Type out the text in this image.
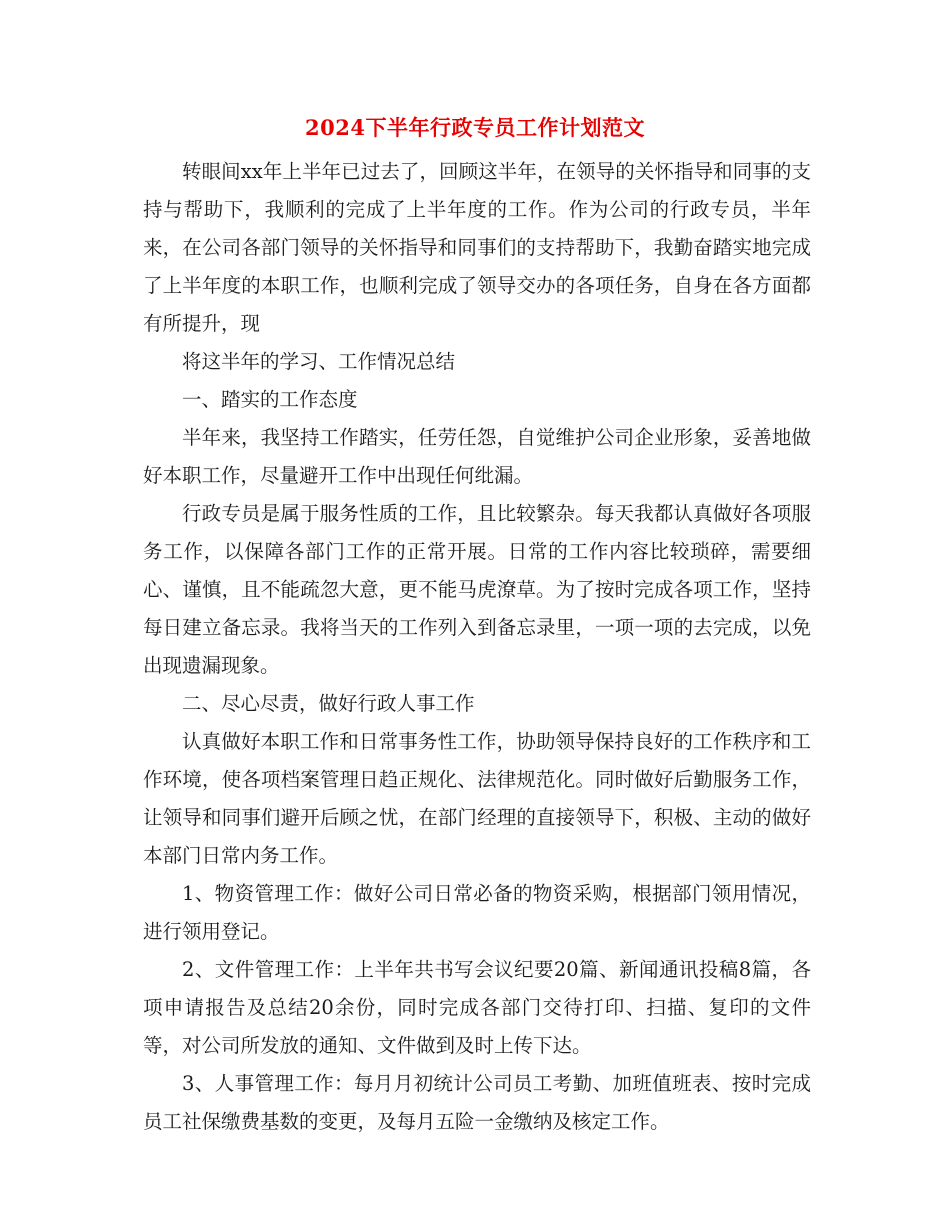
2024下半年行政专员工作计划范文

转眼间xx年上半年已过去了，回顾这半年，在领导的关怀指导和同事的支持与帮助下，我顺利的完成了上半年度的工作。作为公司的行政专员，半年来，在公司各部门领导的关怀指导和同事们的支持帮助下，我勤奋踏实地完成了上半年度的本职工作，也顺利完成了领导交办的各项任务，自身在各方面都有所提升，现

将这半年的学习、工作情况总结

一、踏实的工作态度

半年来，我坚持工作踏实，任劳任怨，自觉维护公司企业形象，妥善地做好本职工作，尽量避开工作中出现任何纰漏。

行政专员是属于服务性质的工作，且比较繁杂。每天我都认真做好各项服务工作，以保障各部门工作的正常开展。日常的工作内容比较琐碎，需要细心、谨慎，且不能疏忽大意，更不能马虎潦草。为了按时完成各项工作，坚持每日建立备忘录。我将当天的工作列入到备忘录里，一项一项的去完成，以免出现遗漏现象。

二、尽心尽责，做好行政人事工作

认真做好本职工作和日常事务性工作，协助领导保持良好的工作秩序和工作环境，使各项档案管理日趋正规化、法律规范化。同时做好后勤服务工作，让领导和同事们避开后顾之忧，在部门经理的直接领导下，积极、主动的做好本部门日常内务工作。

1、物资管理工作：做好公司日常必备的物资采购，根据部门领用情况，进行领用登记。

2、文件管理工作：上半年共书写会议纪要20篇、新闻通讯投稿8篇，各项申请报告及总结20余份，同时完成各部门交待打印、扫描、复印的文件等，对公司所发放的通知、文件做到及时上传下达。

3、人事管理工作：每月月初统计公司员工考勤、加班值班表、按时完成员工社保缴费基数的变更，及每月五险一金缴纳及核定工作。
